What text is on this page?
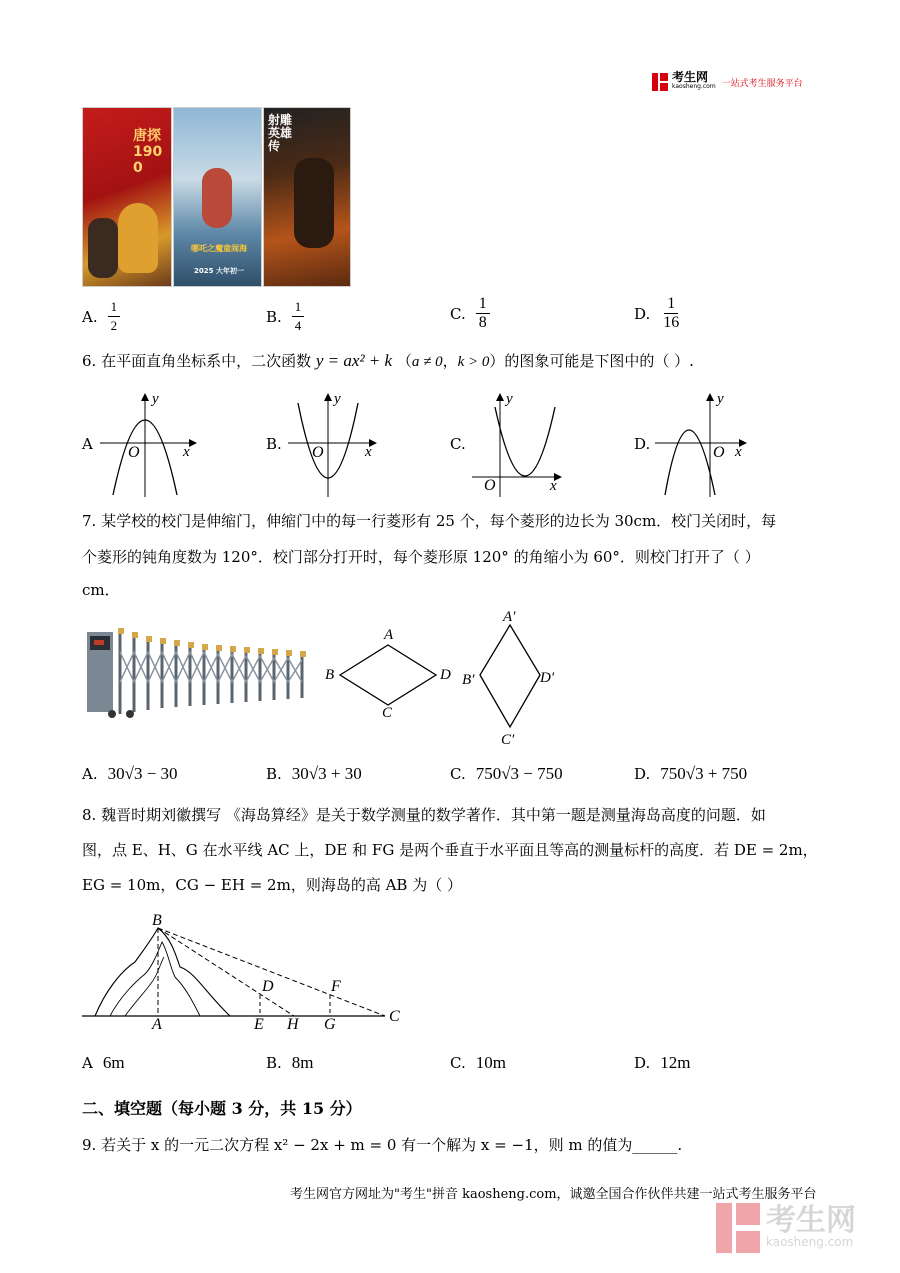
考生网
kaosheng.com 一站式考生服务平台
唐探1900
哪吒之魔童闹海
2025 大年初一
射雕英雄传
A. $\frac{1}{2}$	B. $\frac{1}{4}$	C. $\frac{1}{8}$	D. $\frac{1}{16}$
6. 在平面直角坐标系中，二次函数 y = ax² + k （a ≠ 0，k > 0）的图象可能是下图中的（ ）.
A
y
O	x	B.
y
O	x	C.
y
O	x
D.
y
O x
7. 某学校的校门是伸缩门，伸缩门中的每一行菱形有 25 个，每个菱形的边长为 30cm．校门关闭时，每
个菱形的钝角度数为 120°．校门部分打开时，每个菱形原 120° 的角缩小为 60°．则校门打开了（ ）
cm．
A
B
C
D
A′
B′
C′
D′
A. 30√3 − 30	B. 30√3 + 30	C. 750√3 − 750	D. 750√3 + 750
8. 魏晋时期刘徽撰写 《海岛算经》是关于数学测量的数学著作．其中第一题是测量海岛高度的问题．如
图，点 E、H、G 在水平线 AC 上，DE 和 FG 是两个垂直于水平面且等高的测量标杆的高度．若 DE = 2m，
EG = 10m，CG − EH = 2m，则海岛的高 AB 为（ ）
B
D	F
A	E H G	C
A 6m	B. 8m	C. 10m	D. 12m
二、填空题（每小题 3 分，共 15 分）
9. 若关于 x 的一元二次方程 x² − 2x + m = 0 有一个解为 x = −1，则 m 的值为______.
考生网官方网址为"考生"拼音 kaosheng.com，诚邀全国合作伙伴共建一站式考生服务平台
考生网
kaosheng.com
